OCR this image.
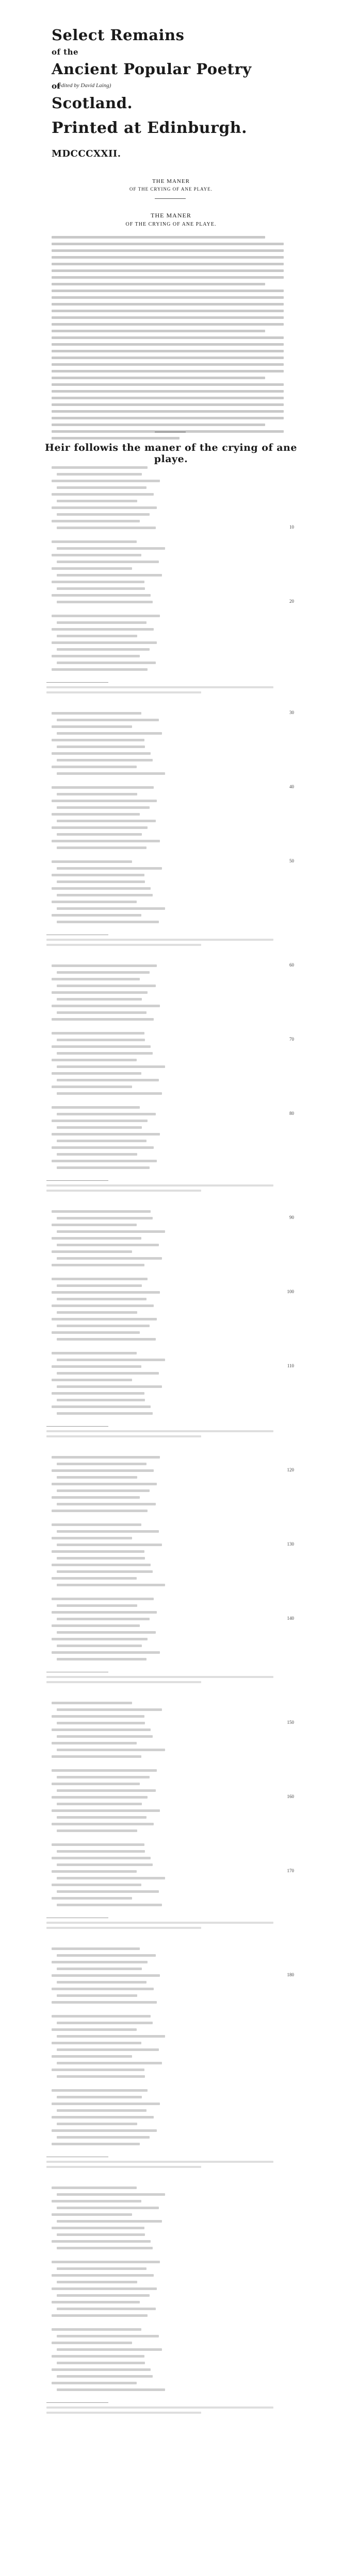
Select Remains
of the
Ancient Popular Poetry
of
Scotland.
(edited by David Laing)
Printed at Edinburgh.
MDCCCXXII.
THE MANER
OF THE CRYING OF ANE PLAYE.
THE MANER
OF THE CRYING OF ANE PLAYE.
Heir followis the maner of the crying of ane playe.
10
20
30
40
50
60
70
80
90
100
110
120
130
140
150
160
170
180
